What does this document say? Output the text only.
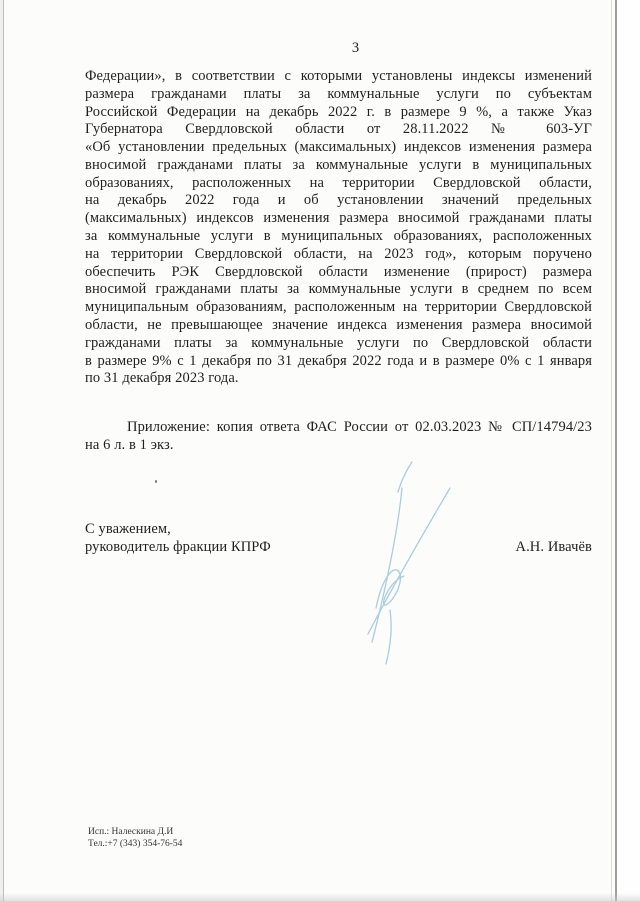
3
Федерации», в соответствии с которыми установлены индексы изменений
размера гражданами платы за коммунальные услуги по субъектам
Российской Федерации на декабрь 2022 г. в размере 9 %, а также Указ
Губернатора Свердловской области от 28.11.2022 № 603-УГ
«Об установлении предельных (максимальных) индексов изменения размера
вносимой гражданами платы за коммунальные услуги в муниципальных
образованиях, расположенных на территории Свердловской области,
на декабрь 2022 года и об установлении значений предельных
(максимальных) индексов изменения размера вносимой гражданами платы
за коммунальные услуги в муниципальных образованиях, расположенных
на территории Свердловской области, на 2023 год», которым поручено
обеспечить РЭК Свердловской области изменение (прирост) размера
вносимой гражданами платы за коммунальные услуги в среднем по всем
муниципальным образованиям, расположенным на территории Свердловской
области, не превышающее значение индекса изменения размера вносимой
гражданами платы за коммунальные услуги по Свердловской области
в размере 9% с 1 декабря по 31 декабря 2022 года и в размере 0% с 1 января
по 31 декабря 2023 года.
Приложение: копия ответа ФАС России от 02.03.2023 № СП/14794/23
на 6 л. в 1 экз.
С уважением,
руководитель фракции КПРФ	А.Н. Ивачёв
Исп.: Налескина Д.И
Тел.:+7 (343) 354-76-54
